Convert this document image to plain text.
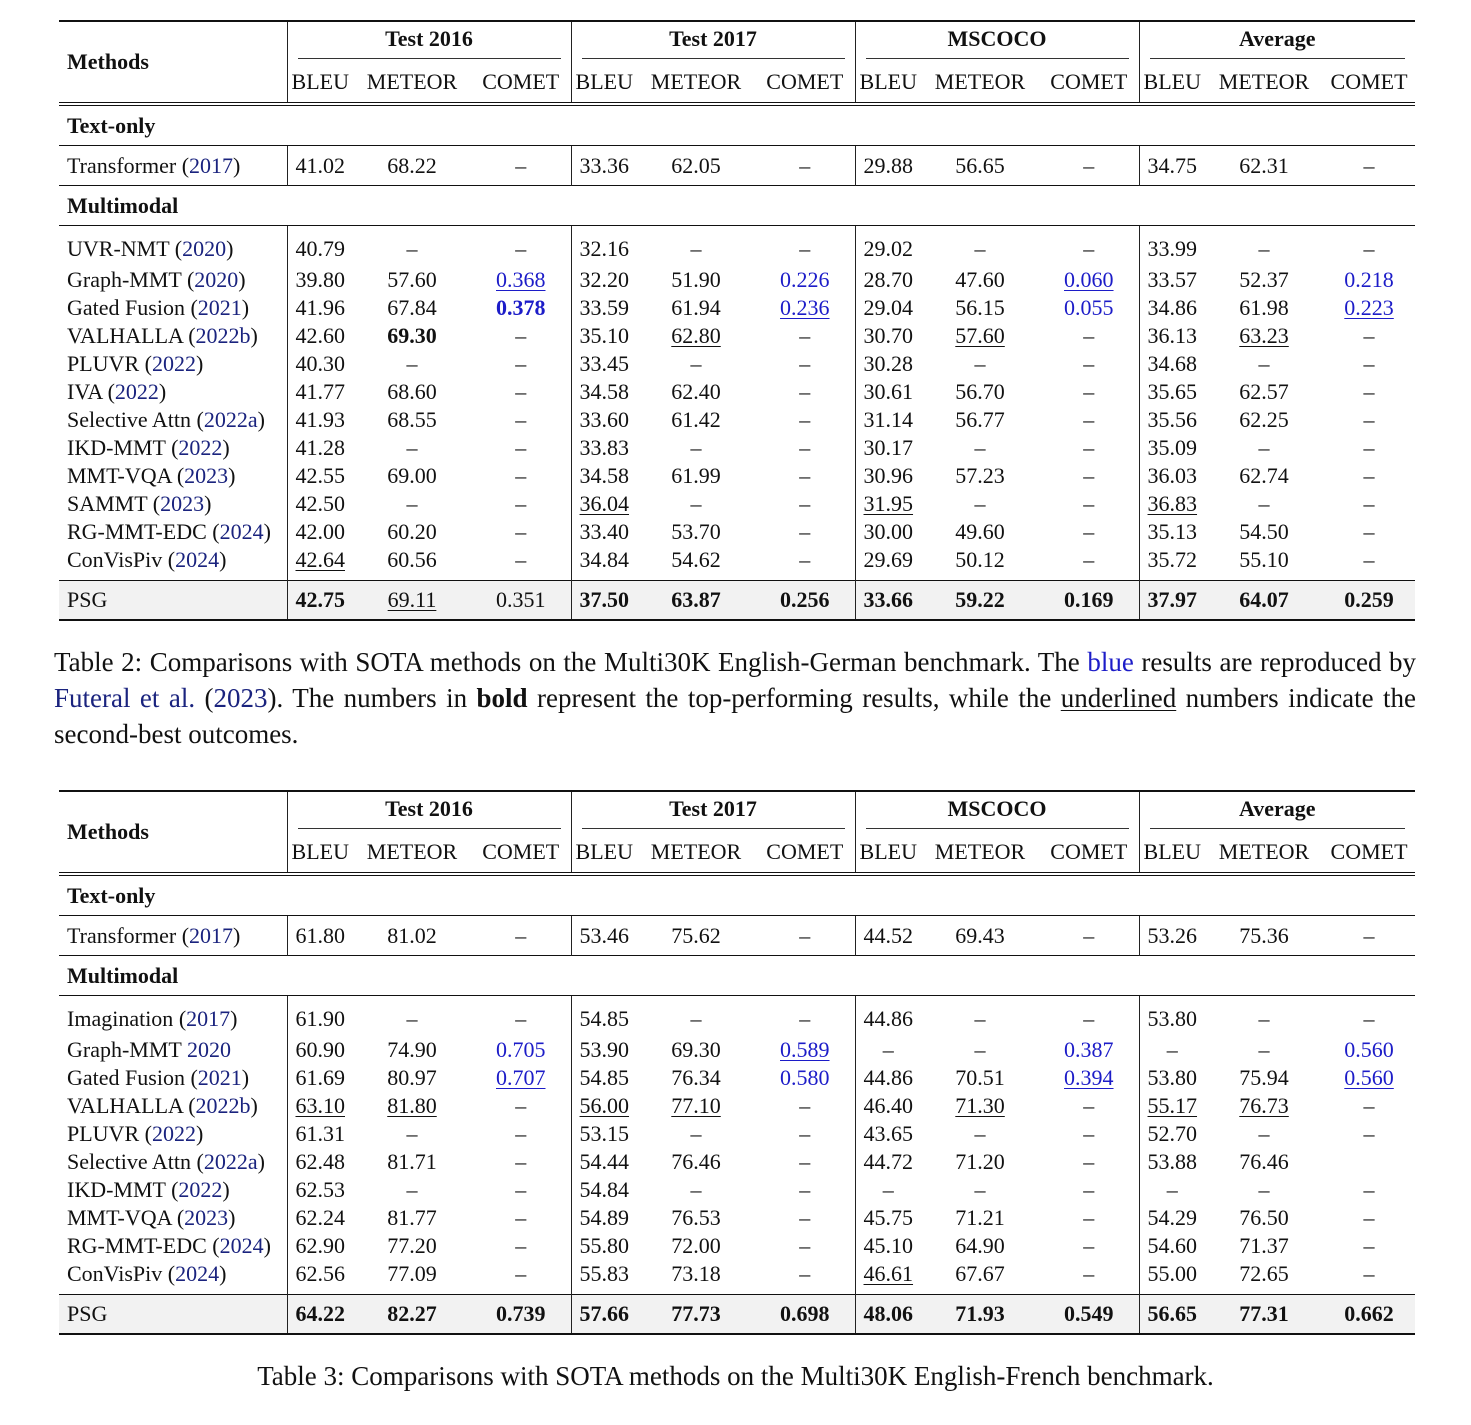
Methods	Test 2016			Test 2017			MSCOCO			Average		

	BLEU	METEOR	COMET	BLEU	METEOR	COMET	BLEU	METEOR	COMET	BLEU	METEOR	COMET
Text-only												
Transformer (2017)	41.02	68.22	–	33.36	62.05	–	29.88	56.65	–	34.75	62.31	–
Multimodal												
UVR-NMT (2020)	40.79	–	–	32.16	–	–	29.02	–	–	33.99	–	–
Graph-MMT (2020)	39.80	57.60	0.368	32.20	51.90	0.226	28.70	47.60	0.060	33.57	52.37	0.218
Gated Fusion (2021)	41.96	67.84	0.378	33.59	61.94	0.236	29.04	56.15	0.055	34.86	61.98	0.223
VALHALLA (2022b)	42.60	69.30	–	35.10	62.80	–	30.70	57.60	–	36.13	63.23	–
PLUVR (2022)	40.30	–	–	33.45	–	–	30.28	–	–	34.68	–	–
IVA (2022)	41.77	68.60	–	34.58	62.40	–	30.61	56.70	–	35.65	62.57	–
Selective Attn (2022a)	41.93	68.55	–	33.60	61.42	–	31.14	56.77	–	35.56	62.25	–
IKD-MMT (2022)	41.28	–	–	33.83	–	–	30.17	–	–	35.09	–	–
MMT-VQA (2023)	42.55	69.00	–	34.58	61.99	–	30.96	57.23	–	36.03	62.74	–
SAMMT (2023)	42.50	–	–	36.04	–	–	31.95	–	–	36.83	–	–
RG-MMT-EDC (2024)	42.00	60.20	–	33.40	53.70	–	30.00	49.60	–	35.13	54.50	–
ConVisPiv (2024)	42.64	60.56	–	34.84	54.62	–	29.69	50.12	–	35.72	55.10	–
PSG	42.75	69.11	0.351	37.50	63.87	0.256	33.66	59.22	0.169	37.97	64.07	0.259

Table 2: Comparisons with SOTA methods on the Multi30K English-German benchmark. The blue results are reproduced by Futeral et al. (2023). The numbers in bold represent the top-performing results, while the underlined numbers indicate the second-best outcomes.

Methods	Test 2016			Test 2017			MSCOCO			Average		

	BLEU	METEOR	COMET	BLEU	METEOR	COMET	BLEU	METEOR	COMET	BLEU	METEOR	COMET
Text-only												
Transformer (2017)	61.80	81.02	–	53.46	75.62	–	44.52	69.43	–	53.26	75.36	–
Multimodal												
Imagination (2017)	61.90	–	–	54.85	–	–	44.86	–	–	53.80	–	–
Graph-MMT 2020	60.90	74.90	0.705	53.90	69.30	0.589	–	–	0.387	–	–	0.560
Gated Fusion (2021)	61.69	80.97	0.707	54.85	76.34	0.580	44.86	70.51	0.394	53.80	75.94	0.560
VALHALLA (2022b)	63.10	81.80	–	56.00	77.10	–	46.40	71.30	–	55.17	76.73	–
PLUVR (2022)	61.31	–	–	53.15	–	–	43.65	–	–	52.70	–	–
Selective Attn (2022a)	62.48	81.71	–	54.44	76.46	–	44.72	71.20	–	53.88	76.46	
IKD-MMT (2022)	62.53	–	–	54.84	–	–	–	–	–	–	–	–
MMT-VQA (2023)	62.24	81.77	–	54.89	76.53	–	45.75	71.21	–	54.29	76.50	–
RG-MMT-EDC (2024)	62.90	77.20	–	55.80	72.00	–	45.10	64.90	–	54.60	71.37	–
ConVisPiv (2024)	62.56	77.09	–	55.83	73.18	–	46.61	67.67	–	55.00	72.65	–
PSG	64.22	82.27	0.739	57.66	77.73	0.698	48.06	71.93	0.549	56.65	77.31	0.662

Table 3: Comparisons with SOTA methods on the Multi30K English-French benchmark.
